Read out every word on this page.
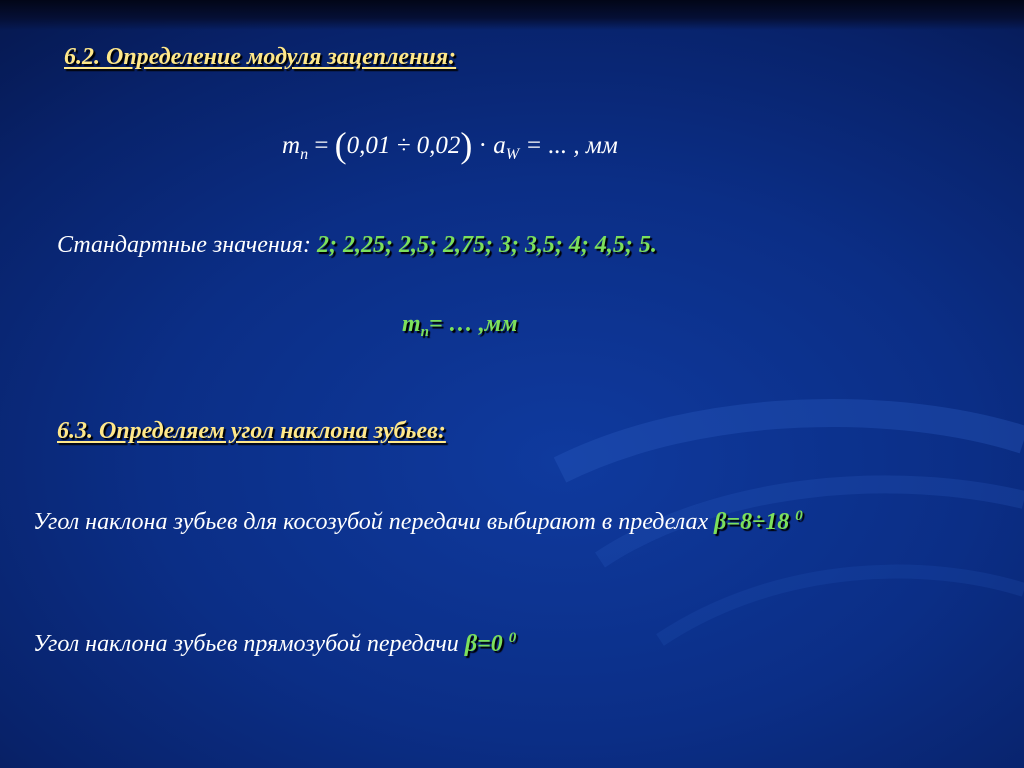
6.2. Определение модуля зацепления:
$m_n = (0,01 \div 0,02) \cdot a_W$ = ... , мм
Стандартные значения: 2; 2,25; 2,5; 2,75; 3; 3,5; 4; 4,5; 5.
$m_n=$ … ,мм
6.3. Определяем угол наклона зубьев:
Угол наклона зубьев для косозубой передачи выбирают в пределах β=8÷18 $^0$
Угол наклона зубьев прямозубой передачи β=0 $^0$
